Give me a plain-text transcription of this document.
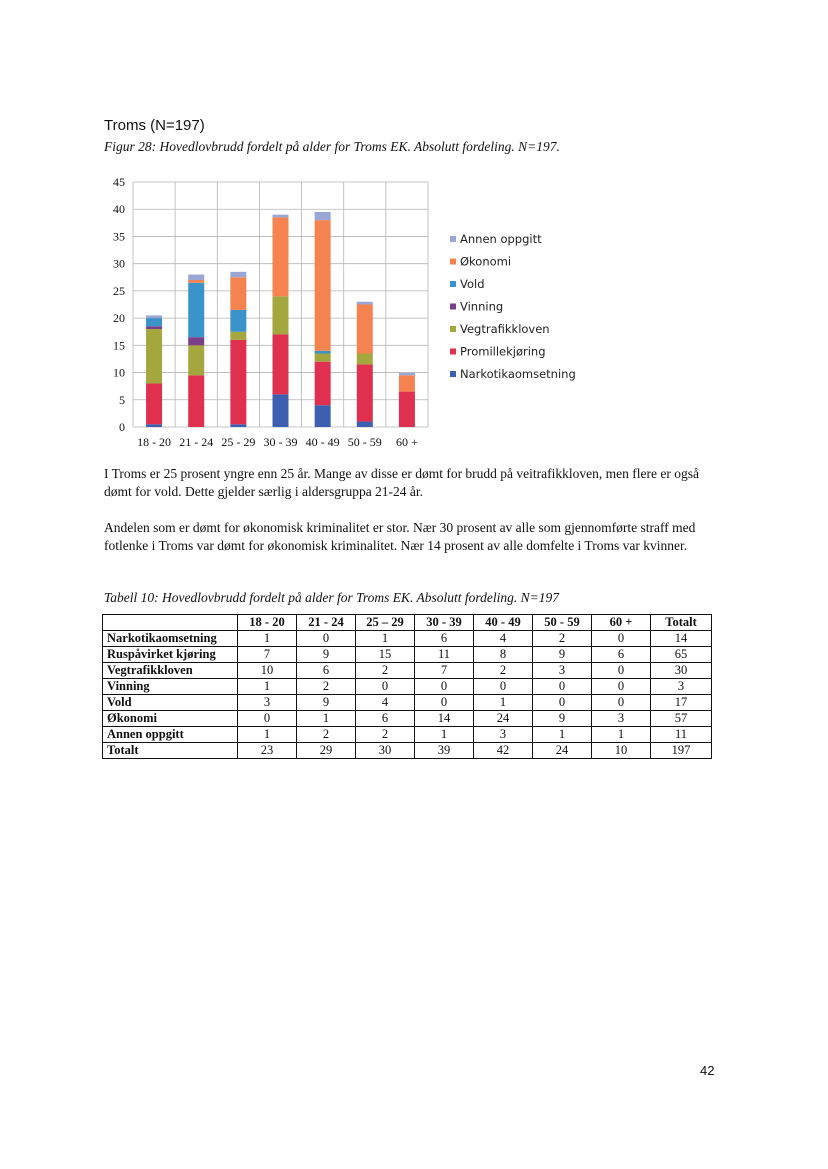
Troms (N=197)

Figur 28: Hovedlovbrudd fordelt på alder for Troms EK. Absolutt fordeling. N=197.

0
5
10
15
20
25
30
35
40
45
18 - 20 21 - 24 25 - 29 30 - 39 40 - 49 50 - 59 60 +
Annen oppgitt
Økonomi
Vold
Vinning
Vegtrafikkloven
Promillekjøring
Narkotikaomsetning

I Troms er 25 prosent yngre enn 25 år. Mange av disse er dømt for brudd på veitrafikkloven, men flere er også dømt for vold. Dette gjelder særlig i aldersgruppa 21-24 år.

Andelen som er dømt for økonomisk kriminalitet er stor. Nær 30 prosent av alle som gjennomførte straff med fotlenke i Troms var dømt for økonomisk kriminalitet. Nær 14 prosent av alle domfelte i Troms var kvinner.

Tabell 10: Hovedlovbrudd fordelt på alder for Troms EK. Absolutt fordeling. N=197

	18 - 20	21 - 24	25 – 29	30 - 39	40 - 49	50 - 59	60 +	Totalt
Narkotikaomsetning	1	0	1	6	4	2	0	14
Ruspåvirket kjøring	7	9	15	11	8	9	6	65
Vegtrafikkloven	10	6	2	7	2	3	0	30
Vinning	1	2	0	0	0	0	0	3
Vold	3	9	4	0	1	0	0	17
Økonomi	0	1	6	14	24	9	3	57
Annen oppgitt	1	2	2	1	3	1	1	11
Totalt	23	29	30	39	42	24	10	197
42
